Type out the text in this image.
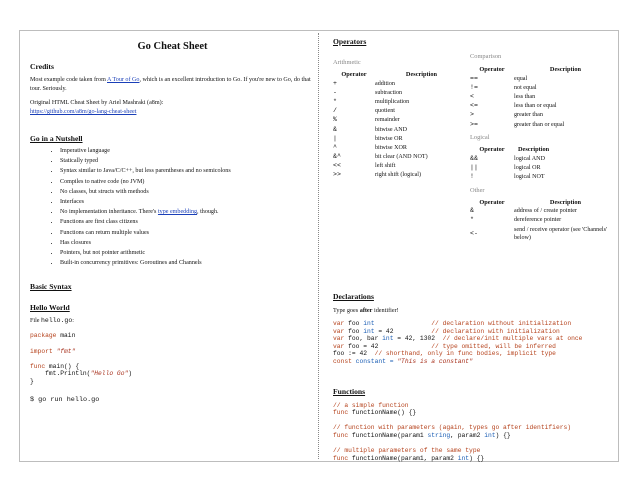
Go Cheat Sheet
Credits

Most example code taken from A Tour of Go, which is an excellent introduction to Go. If you're new to Go, do that tour. Seriously.

Original HTML Cheat Sheet by Ariel Mashraki (a8m):
https://github.com/a8m/go-lang-cheat-sheet

Go in a Nutshell
• Imperative language
• Statically typed
• Syntax similar to Java/C/C++, but less parentheses and no semicolons
• Compiles to native code (no JVM)
• No classes, but structs with methods
• Interfaces
• No implementation inheritance. There's type embedding, though.
• Functions are first class citizens
• Functions can return multiple values
• Has closures
• Pointers, but not pointer arithmetic
• Built-in concurrency primitives: Goroutines and Channels
Basic Syntax
Hello World

File hello.go:

package main

import "fmt"

func main() {
fmt.Println("Hello Go")
}
$ go run hello.go
Operators
Arithmetic
Operator	Description
+	addition
-	subtraction
*	multiplication
/	quotient
%	remainder
&	bitwise AND
|	bitwise OR
^	bitwise XOR
&^	bit clear (AND NOT)
<<	left shift
>>	right shift (logical)
Comparison
Operator	Description
==	equal
!=	not equal
<	less than
<=	less than or equal
>	greater than
>=	greater than or equal
Logical
Operator	Description
&&	logical AND
||	logical OR
!	logical NOT
Other
Operator	Description
&	address of / create pointer
*	dereference pointer
<-	send / receive operator (see 'Channels' below)
Declarations

Type goes after identifier!

var foo int	// declaration without initialization
var foo int = 42	// declaration with initialization
var foo, bar int = 42, 1302 // declare/init multiple vars at once
var foo = 42	// type omitted, will be inferred
foo := 42 // shorthand, only in func bodies, implicit type
const constant = "This is a constant"
Functions
// a simple function
func functionName() {}

// function with parameters (again, types go after identifiers)
func functionName(param1 string, param2 int) {}

// multiple parameters of the same type
func functionName(param1, param2 int) {}
